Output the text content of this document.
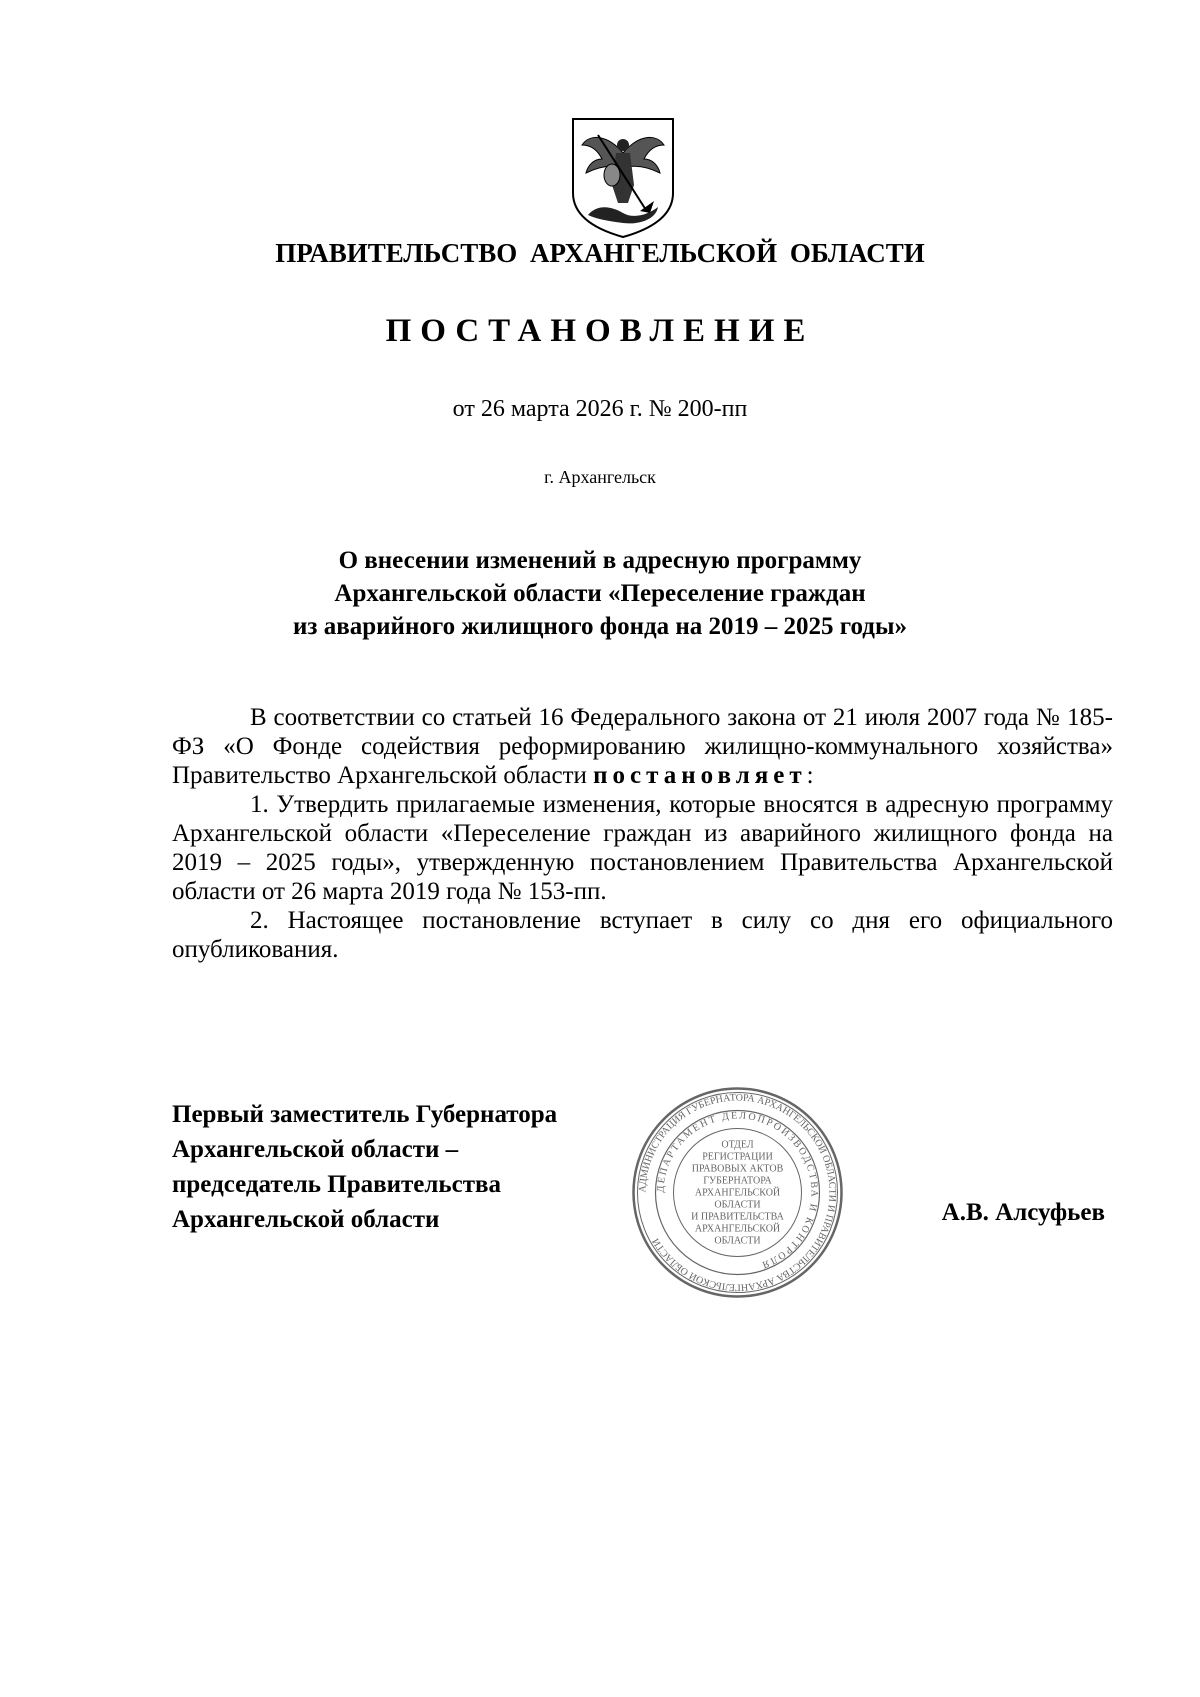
ПРАВИТЕЛЬСТВО АРХАНГЕЛЬСКОЙ ОБЛАСТИ
ПОСТАНОВЛЕНИЕ
от 26 марта 2026 г. № 200-пп
г. Архангельск
О внесении изменений в адресную программу
Архангельской области «Переселение граждан
из аварийного жилищного фонда на 2019 – 2025 годы»

В соответствии со статьей 16 Федерального закона от 21 июля 2007 года № 185-ФЗ «О Фонде содействия реформированию жилищно-коммунального хозяйства» Правительство Архангельской области постановляет:

1. Утвердить прилагаемые изменения, которые вносятся в адресную программу Архангельской области «Переселение граждан из аварийного жилищного фонда на 2019 – 2025 годы», утвержденную постановлением Правительства Архангельской области от 26 марта 2019 года № 153-пп.

2. Настоящее постановление вступает в силу со дня его официального опубликования.

Первый заместитель Губернатора
Архангельской области –
председатель Правительства
Архангельской области
АДМИНИСТРАЦИЯ ГУБЕРНАТОРА АРХАНГЕЛЬСКОЙ ОБЛАСТИ И ПРАВИТЕЛЬСТВА АРХАНГЕЛЬСКОЙ ОБЛАСТИ
ДЕПАРТАМЕНТ ДЕЛОПРОИЗВОДСТВА И КОНТРОЛЯ
ОТДЕЛ
РЕГИСТРАЦИИ
ПРАВОВЫХ АКТОВ
ГУБЕРНАТОРА
АРХАНГЕЛЬСКОЙ
ОБЛАСТИ
И ПРАВИТЕЛЬСТВА
АРХАНГЕЛЬСКОЙ
ОБЛАСТИ
А.В. Алсуфьев
